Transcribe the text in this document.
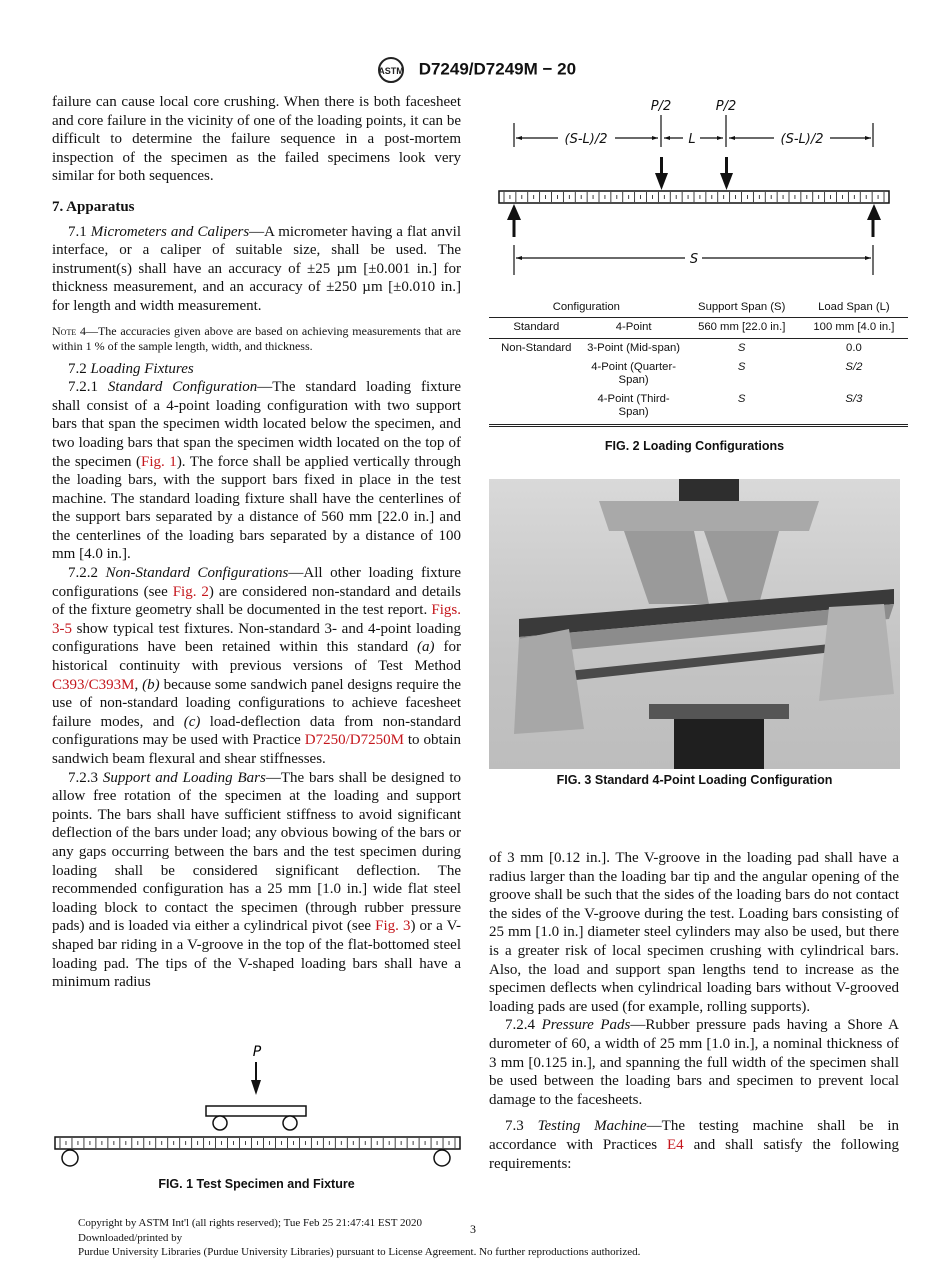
ASTM D7249/D7249M − 20

failure can cause local core crushing. When there is both facesheet and core failure in the vicinity of one of the loading points, it can be difficult to determine the failure sequence in a post-mortem inspection of the specimen as the failed specimens look very similar for both sequences.

7. Apparatus

7.1 Micrometers and Calipers—A micrometer having a flat anvil interface, or a caliper of suitable size, shall be used. The instrument(s) shall have an accuracy of ±25 µm [±0.001 in.] for thickness measurement, and an accuracy of ±250 µm [±0.010 in.] for length and width measurement.

Note 4—The accuracies given above are based on achieving measurements that are within 1 % of the sample length, width, and thickness.

7.2 Loading Fixtures

7.2.1 Standard Configuration—The standard loading fixture shall consist of a 4-point loading configuration with two support bars that span the specimen width located below the specimen, and two loading bars that span the specimen width located on the top of the specimen (Fig. 1). The force shall be applied vertically through the loading bars, with the support bars fixed in place in the test machine. The standard loading fixture shall have the centerlines of the support bars separated by a distance of 560 mm [22.0 in.] and the centerlines of the loading bars separated by a distance of 100 mm [4.0 in.].

7.2.2 Non-Standard Configurations—All other loading fixture configurations (see Fig. 2) are considered non-standard and details of the fixture geometry shall be documented in the test report. Figs. 3-5 show typical test fixtures. Non-standard 3- and 4-point loading configurations have been retained within this standard (a) for historical continuity with previous versions of Test Method C393/C393M, (b) because some sandwich panel designs require the use of non-standard loading configurations to achieve facesheet failure modes, and (c) load-deflection data from non-standard configurations may be used with Practice D7250/D7250M to obtain sandwich beam flexural and shear stiffnesses.

7.2.3 Support and Loading Bars—The bars shall be designed to allow free rotation of the specimen at the loading and support points. The bars shall have sufficient stiffness to avoid significant deflection of the bars under load; any obvious bowing of the bars or any gaps occurring between the bars and the test specimen during loading shall be considered significant deflection. The recommended configuration has a 25 mm [1.0 in.] wide flat steel loading block to contact the specimen (through rubber pressure pads) and is loaded via either a cylindrical pivot (see Fig. 3) or a V-shaped bar riding in a V-groove in the top of the flat-bottomed steel loading pad. The tips of the V-shaped loading bars shall have a minimum radius

P/2	P/2
(S-L)/2	L	(S-L)/2
S
Configuration		Support Span (S)	Load Span (L)
Standard	4-Point	560 mm [22.0 in.]	100 mm [4.0 in.]
Non-Standard	3-Point (Mid-span)	S	0.0
	4-Point (Quarter-Span)	S	S/2
	4-Point (Third-Span)	S	S/3
FIG. 2 Loading Configurations
FIG. 3 Standard 4-Point Loading Configuration

of 3 mm [0.12 in.]. The V-groove in the loading pad shall have a radius larger than the loading bar tip and the angular opening of the groove shall be such that the sides of the loading bars do not contact the sides of the V-groove during the test. Loading bars consisting of 25 mm [1.0 in.] diameter steel cylinders may also be used, but there is a greater risk of local specimen crushing with cylindrical bars. Also, the load and support span lengths tend to increase as the specimen deflects when cylindrical loading bars without V-grooved loading pads are used (for example, rolling supports).

7.2.4 Pressure Pads—Rubber pressure pads having a Shore A durometer of 60, a width of 25 mm [1.0 in.], a nominal thickness of 3 mm [0.125 in.], and spanning the full width of the specimen shall be used between the loading bars and specimen to prevent local damage to the facesheets.

7.3 Testing Machine—The testing machine shall be in accordance with Practices E4 and shall satisfy the following requirements:

P
FIG. 1 Test Specimen and Fixture
Copyright by ASTM Int'l (all rights reserved); Tue Feb 25 21:47:41 EST 2020
Downloaded/printed by
Purdue University Libraries (Purdue University Libraries) pursuant to License Agreement. No further reproductions authorized.
3
